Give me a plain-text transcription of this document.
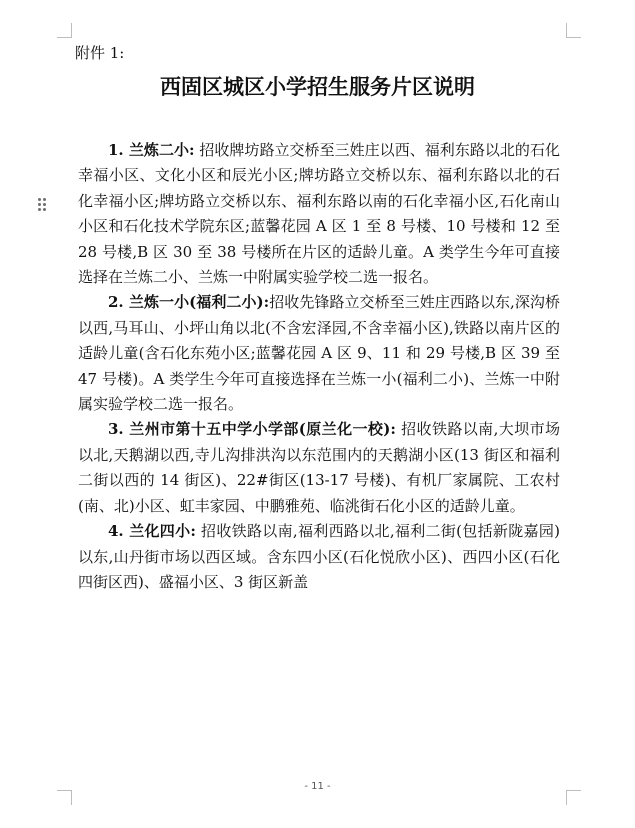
附件 1:
西固区城区小学招生服务片区说明

1. 兰炼二小: 招收牌坊路立交桥至三姓庄以西、福利东路以北的石化幸福小区、文化小区和辰光小区;牌坊路立交桥以东、福利东路以北的石化幸福小区;牌坊路立交桥以东、福利东路以南的石化幸福小区,石化南山小区和石化技术学院东区;蓝馨花园 A 区 1 至 8 号楼、10 号楼和 12 至 28 号楼,B 区 30 至 38 号楼所在片区的适龄儿童。A 类学生今年可直接选择在兰炼二小、兰炼一中附属实验学校二选一报名。

2. 兰炼一小(福利二小):招收先锋路立交桥至三姓庄西路以东,深沟桥以西,马耳山、小坪山角以北(不含宏泽园,不含幸福小区),铁路以南片区的适龄儿童(含石化东苑小区;蓝馨花园 A 区 9、11 和 29 号楼,B 区 39 至 47 号楼)。A 类学生今年可直接选择在兰炼一小(福利二小)、兰炼一中附属实验学校二选一报名。

3. 兰州市第十五中学小学部(原兰化一校): 招收铁路以南,大坝市场以北,天鹅湖以西,寺儿沟排洪沟以东范围内的天鹅湖小区(13 街区和福利二街以西的 14 街区)、22#街区(13-17 号楼)、有机厂家属院、工农村(南、北)小区、虹丰家园、中鹏雅苑、临洮街石化小区的适龄儿童。

4. 兰化四小: 招收铁路以南,福利西路以北,福利二街(包括新陇嘉园)以东,山丹街市场以西区域。含东四小区(石化悦欣小区)、西四小区(石化四街区西)、盛福小区、3 街区新盖

- 11 -
